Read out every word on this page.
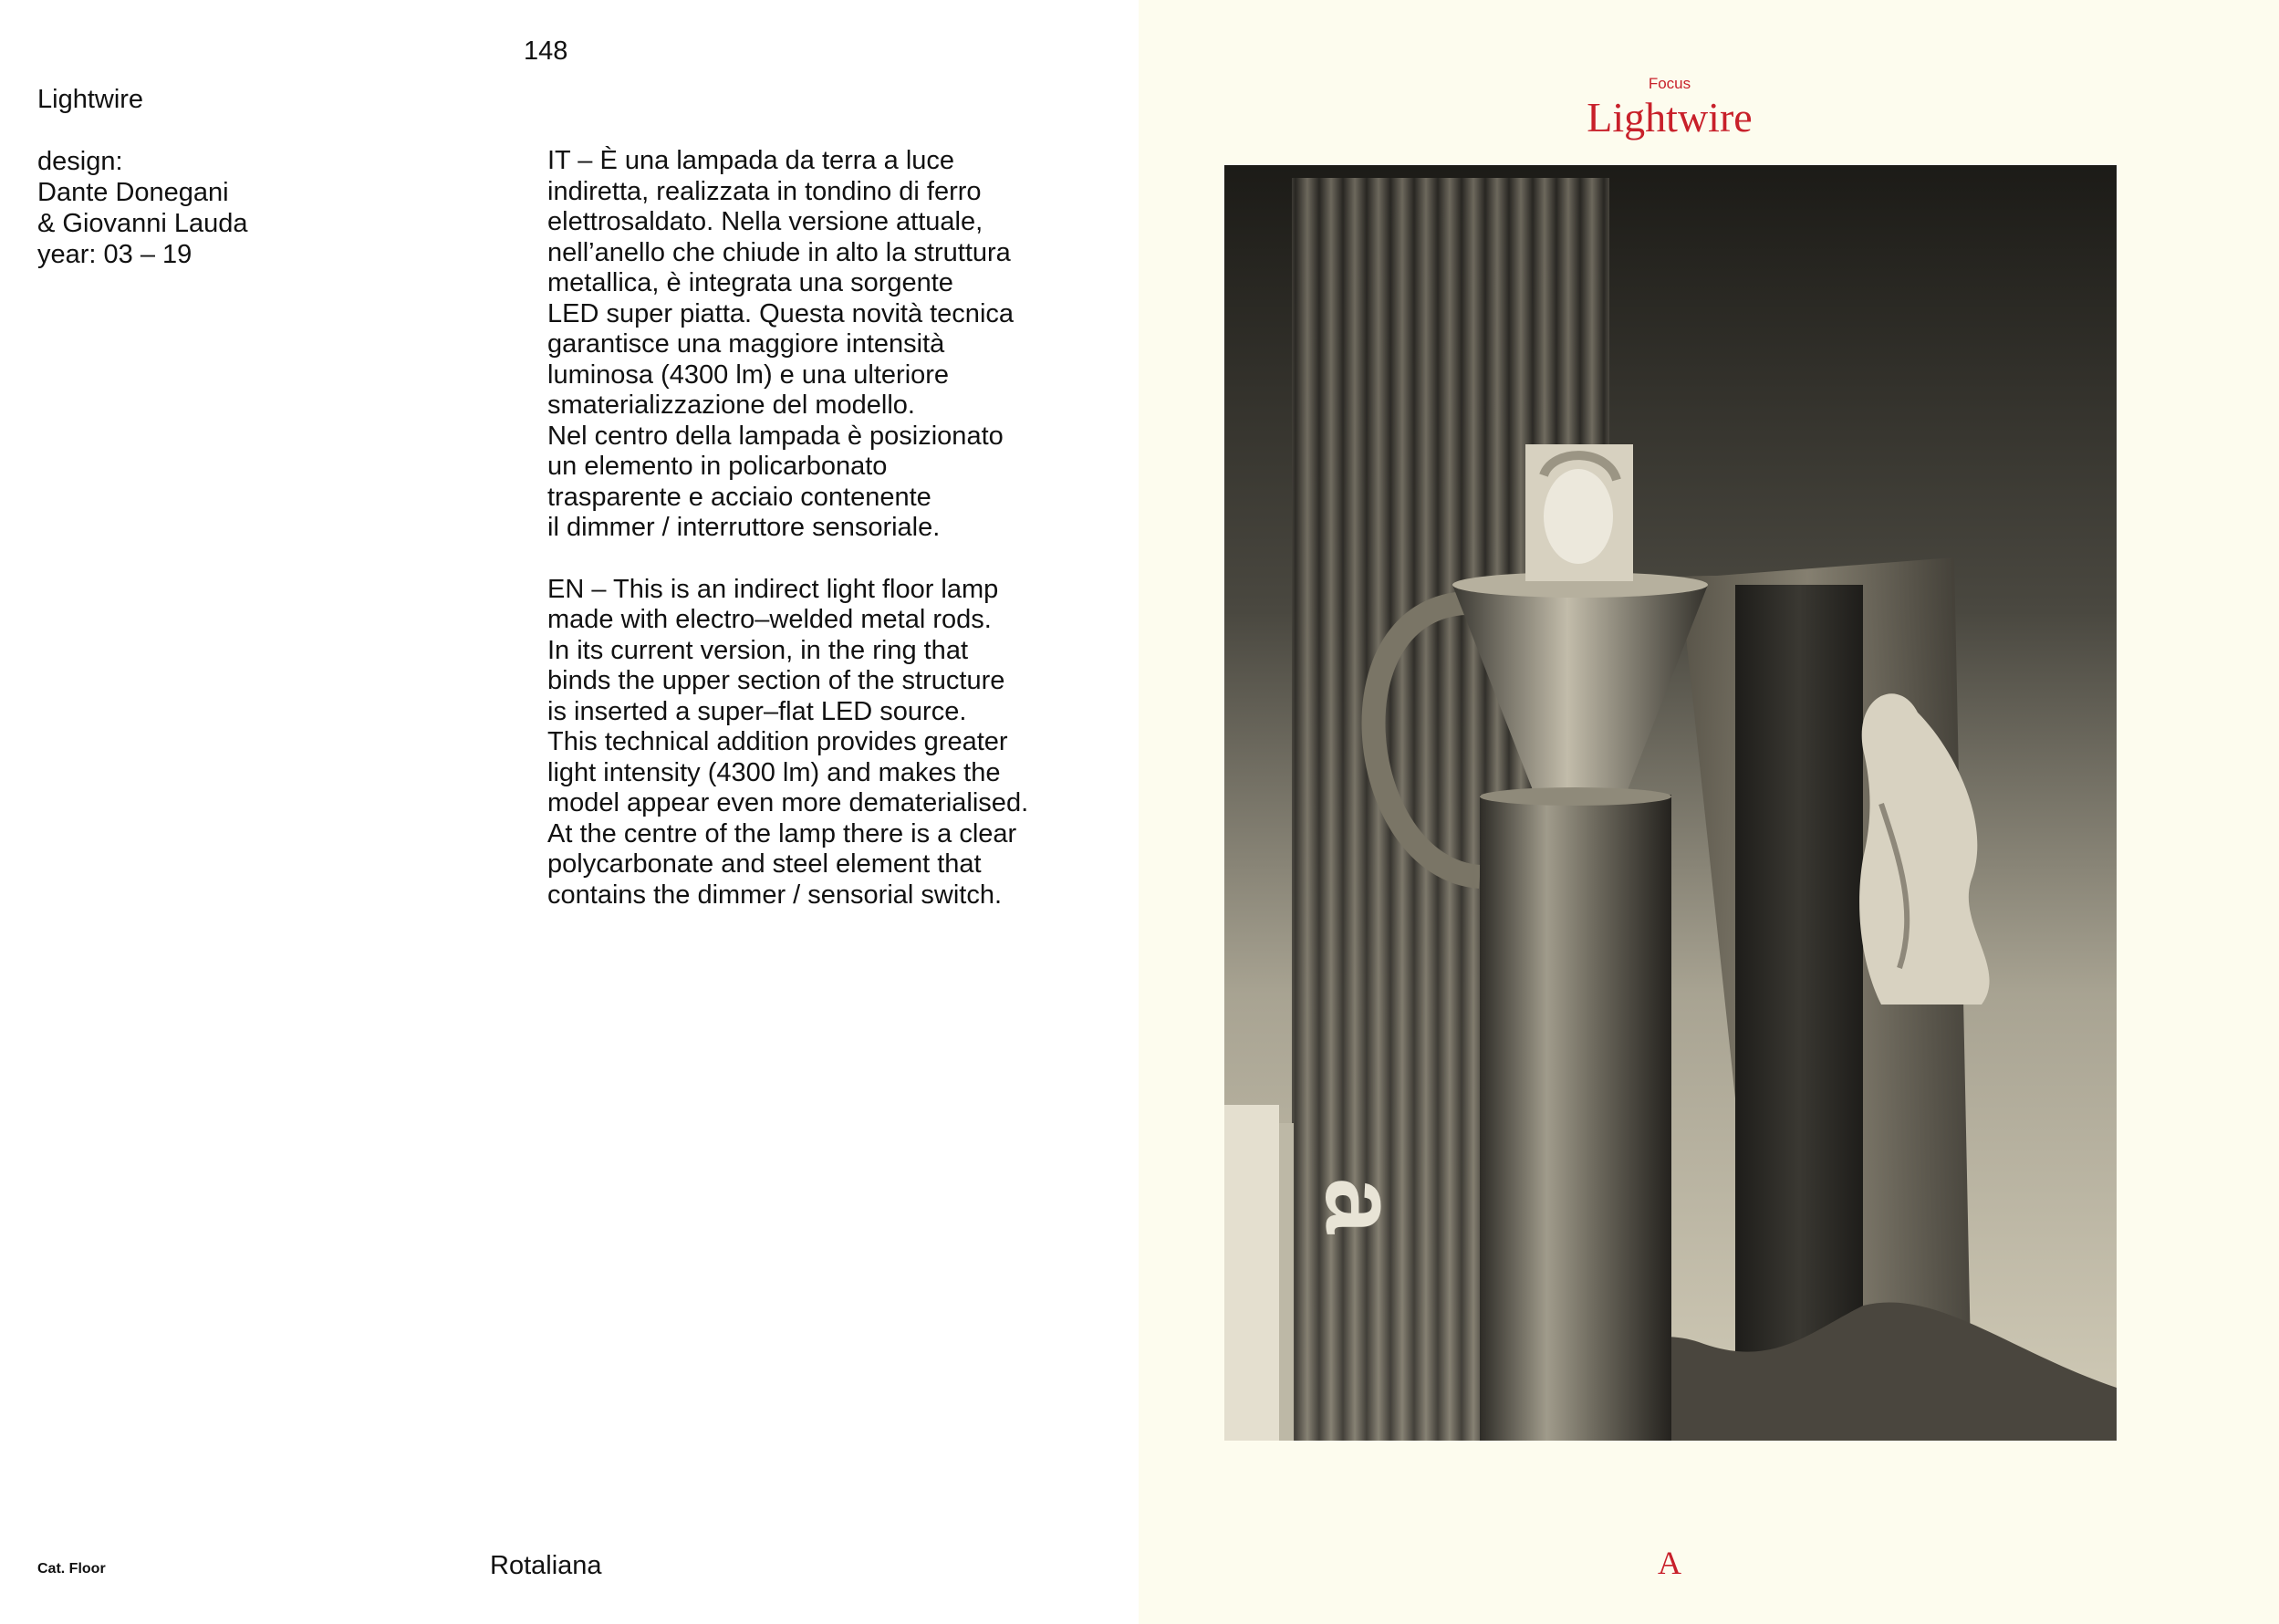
148
Lightwire
design:
Dante Donegani
& Giovanni Lauda
year: 03 – 19
IT – È una lampada da terra a luce
indiretta, realizzata in tondino di ferro
elettrosaldato. Nella versione attuale,
nell’anello che chiude in alto la struttura
metallica, è integrata una sorgente
LED super piatta. Questa novità tecnica
garantisce una maggiore intensità
luminosa (4300 lm) e una ulteriore
smaterializzazione del modello.
Nel centro della lampada è posizionato
un elemento in policarbonato
trasparente e acciaio contenente
il dimmer / interruttore sensoriale.
EN – This is an indirect light floor lamp
made with electro–welded metal rods.
In its current version, in the ring that
binds the upper section of the structure
is inserted a super–flat LED source.
This technical addition provides greater
light intensity (4300 lm) and makes the
model appear even more dematerialised.
At the centre of the lamp there is a clear
polycarbonate and steel element that
contains the dimmer / sensorial switch.
Cat. Floor	Rotaliana
Focus
Lightwire
a
A
